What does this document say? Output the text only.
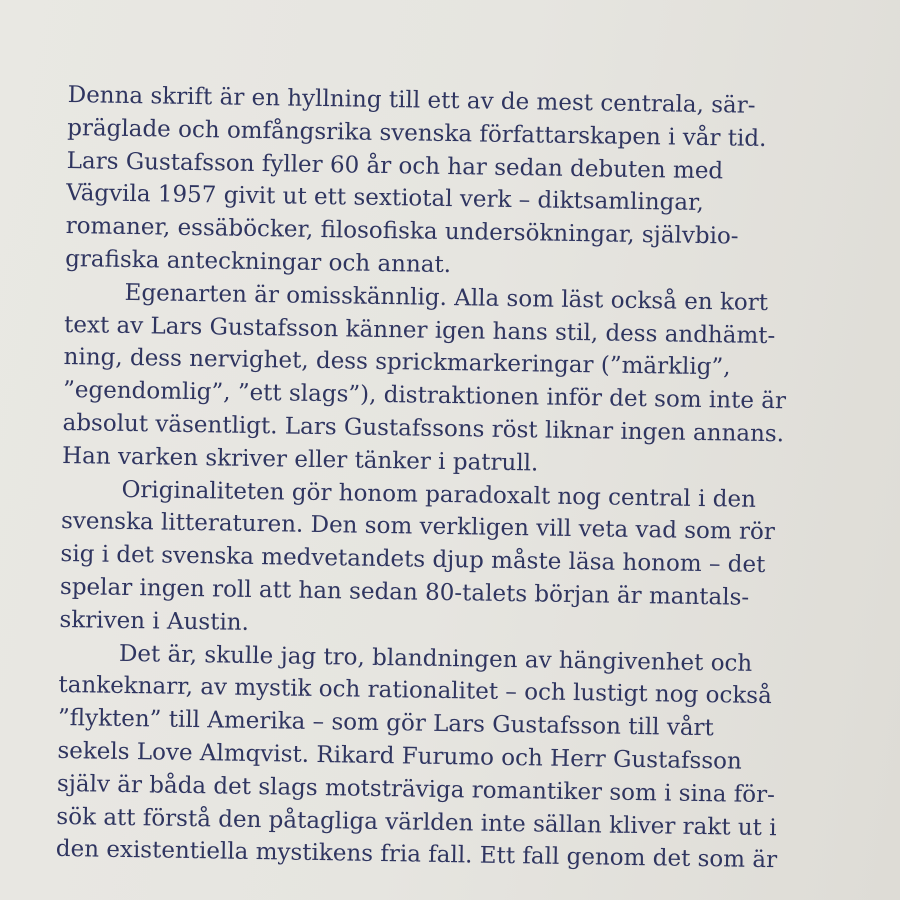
Denna skrift är en hyllning till ett av de mest centrala, sär-
präglade och omfångsrika svenska författarskapen i vår tid.
Lars Gustafsson fyller 60 år och har sedan debuten med
Vägvila 1957 givit ut ett sextiotal verk – diktsamlingar,
romaner, essäböcker, filosofiska undersökningar, självbio-
grafiska anteckningar och annat.

Egenarten är omisskännlig. Alla som läst också en kort
text av Lars Gustafsson känner igen hans stil, dess andhämt-
ning, dess nervighet, dess sprickmarkeringar (”märklig”,
”egendomlig”, ”ett slags”), distraktionen inför det som inte är
absolut väsentligt. Lars Gustafssons röst liknar ingen annans.
Han varken skriver eller tänker i patrull.

Originaliteten gör honom paradoxalt nog central i den
svenska litteraturen. Den som verkligen vill veta vad som rör
sig i det svenska medvetandets djup måste läsa honom – det
spelar ingen roll att han sedan 80-talets början är mantals-
skriven i Austin.

Det är, skulle jag tro, blandningen av hängivenhet och
tankeknarr, av mystik och rationalitet – och lustigt nog också
”flykten” till Amerika – som gör Lars Gustafsson till vårt
sekels Love Almqvist. Rikard Furumo och Herr Gustafsson
själv är båda det slags motsträviga romantiker som i sina för-
sök att förstå den påtagliga världen inte sällan kliver rakt ut i
den existentiella mystikens fria fall. Ett fall genom det som är
